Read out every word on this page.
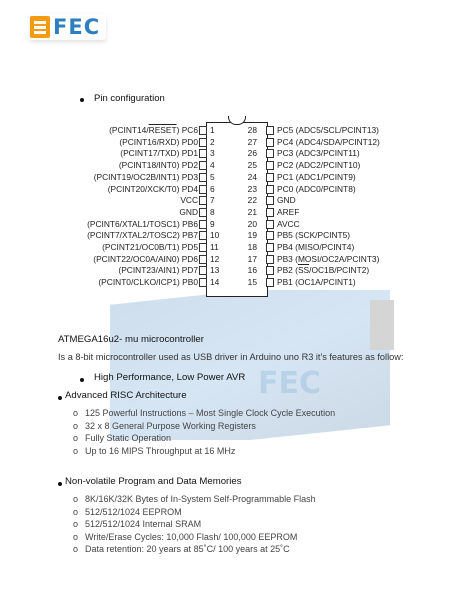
FEC
Pin configuration
FEC
(PCINT14/RESET) PC6 1
(PCINT16/RXD) PD0 2
(PCINT17/TXD) PD1 3
(PCINT18/INT0) PD2 4
(PCINT19/OC2B/INT1) PD3 5
(PCINT20/XCK/T0) PD4 6
VCC 7
GND 8
(PCINT6/XTAL1/TOSC1) PB6 9
(PCINT7/XTAL2/TOSC2) PB7 10
(PCINT21/OC0B/T1) PD5 11
(PCINT22/OC0A/AIN0) PD6 12
(PCINT23/AIN1) PD7 13
(PCINT0/CLKO/ICP1) PB0 14
28 PC5 (ADC5/SCL/PCINT13)
27 PC4 (ADC4/SDA/PCINT12)
26 PC3 (ADC3/PCINT11)
25 PC2 (ADC2/PCINT10)
24 PC1 (ADC1/PCINT9)
23 PC0 (ADC0/PCINT8)
22 GND
21 AREF
20 AVCC
19 PB5 (SCK/PCINT5)
18 PB4 (MISO/PCINT4)
17 PB3 (MOSI/OC2A/PCINT3)
16 PB2 $(\overline{SS}/OC1B/PCINT2)$
15 PB1 (OC1A/PCINT1)
ATMEGA16u2- mu microcontroller
Is a 8-bit microcontroller used as USB driver in Arduino uno R3 it's features as follow:
High Performance, Low Power AVR
Advanced RISC Architecture
o 125 Powerful Instructions – Most Single Clock Cycle Execution
o 32 x 8 General Purpose Working Registers
o Fully Static Operation
o Up to 16 MIPS Throughput at 16 MHz
Non-volatile Program and Data Memories
o 8K/16K/32K Bytes of In-System Self-Programmable Flash
o 512/512/1024 EEPROM
o 512/512/1024 Internal SRAM
o Write/Erase Cycles: 10,000 Flash/ 100,000 EEPROM
o Data retention: 20 years at 85˚C/ 100 years at 25˚C
